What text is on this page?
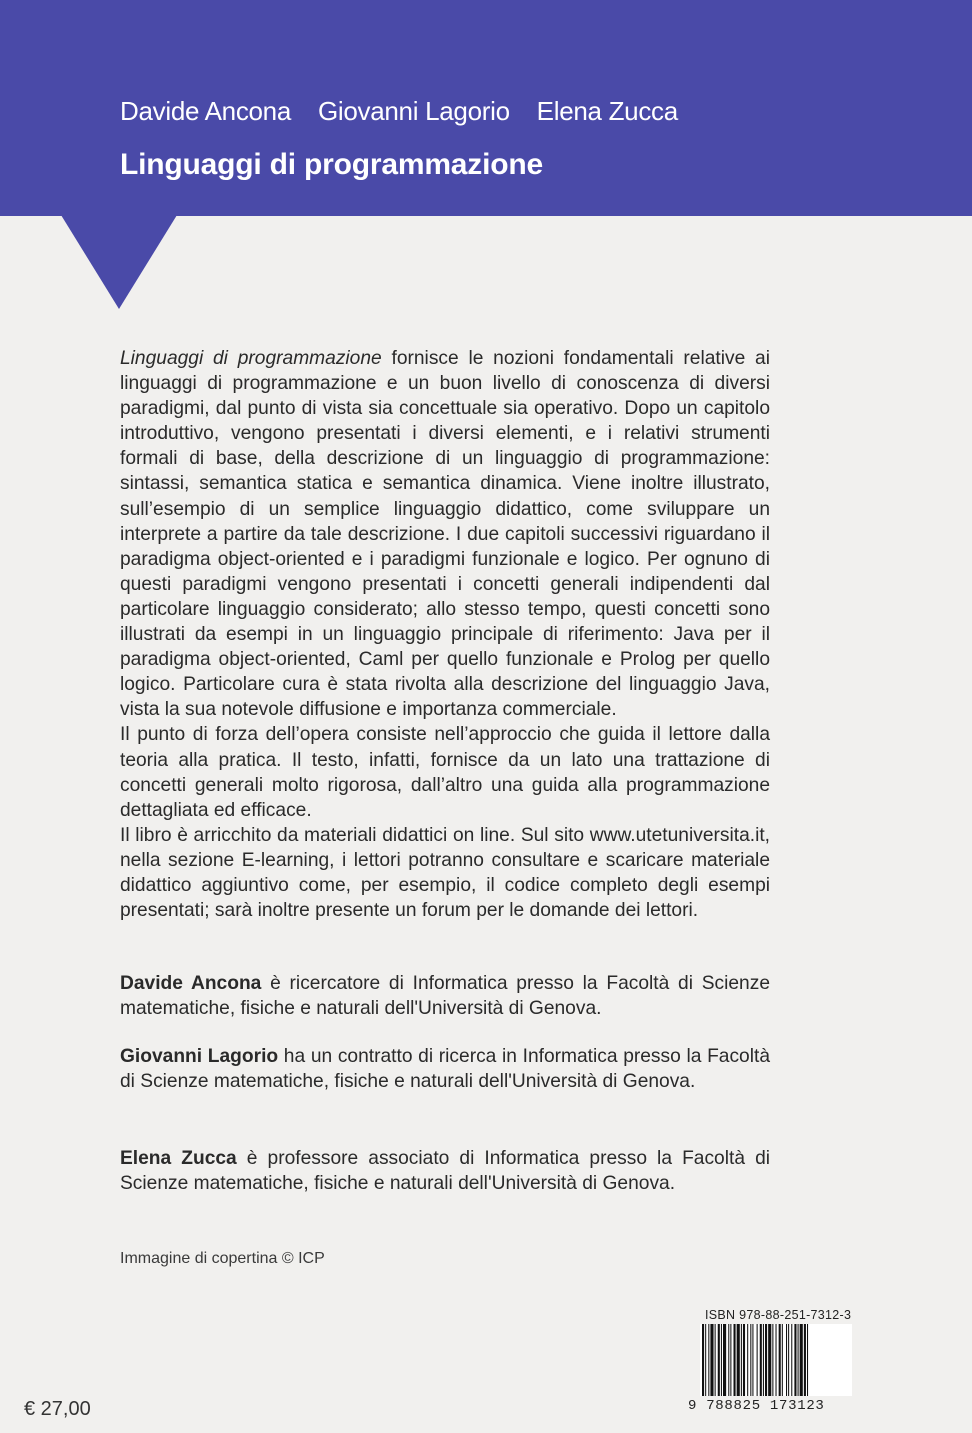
Davide Ancona Giovanni Lagorio Elena Zucca
Linguaggi di programmazione

Linguaggi di programmazione fornisce le nozioni fondamentali relative ai linguaggi di programmazione e un buon livello di conoscenza di diversi paradigmi, dal punto di vista sia concettuale sia operativo. Dopo un capitolo introduttivo, vengono presentati i diversi elementi, e i relativi strumenti formali di base, della descrizione di un linguaggio di programmazione: sintassi, semantica statica e semantica dinamica. Viene inoltre illustrato, sull’esempio di un semplice linguaggio didattico, come sviluppare un interprete a partire da tale descrizione. I due capitoli successivi riguardano il paradigma object-oriented e i paradigmi funzionale e logico. Per ognuno di questi paradigmi vengono presentati i concetti generali indipendenti dal particolare linguaggio considerato; allo stesso tempo, questi concetti sono illustrati da esempi in un linguaggio principale di riferimento: Java per il paradigma object-oriented, Caml per quello funzionale e Prolog per quello logico. Particolare cura è stata rivolta alla descrizione del linguaggio Java, vista la sua notevole diffusione e importanza commerciale.

Il punto di forza dell’opera consiste nell’approccio che guida il lettore dalla teoria alla pratica. Il testo, infatti, fornisce da un lato una trattazione di concetti generali molto rigorosa, dall’altro una guida alla programmazione dettagliata ed efficace.

Il libro è arricchito da materiali didattici on line. Sul sito www.utetuniversita.it, nella sezione E-learning, i lettori potranno consultare e scaricare materiale didattico aggiuntivo come, per esempio, il codice completo degli esempi presentati; sarà inoltre presente un forum per le domande dei lettori.

Davide Ancona è ricercatore di Informatica presso la Facoltà di Scienze matematiche, fisiche e naturali dell'Università di Genova.

Giovanni Lagorio ha un contratto di ricerca in Informatica presso la Facoltà di Scienze matematiche, fisiche e naturali dell'Università di Genova.

Elena Zucca è professore associato di Informatica presso la Facoltà di Scienze matematiche, fisiche e naturali dell'Università di Genova.

Immagine di copertina © ICP
ISBN 978-88-251-7312-3
9 788825 173123
€ 27,00
